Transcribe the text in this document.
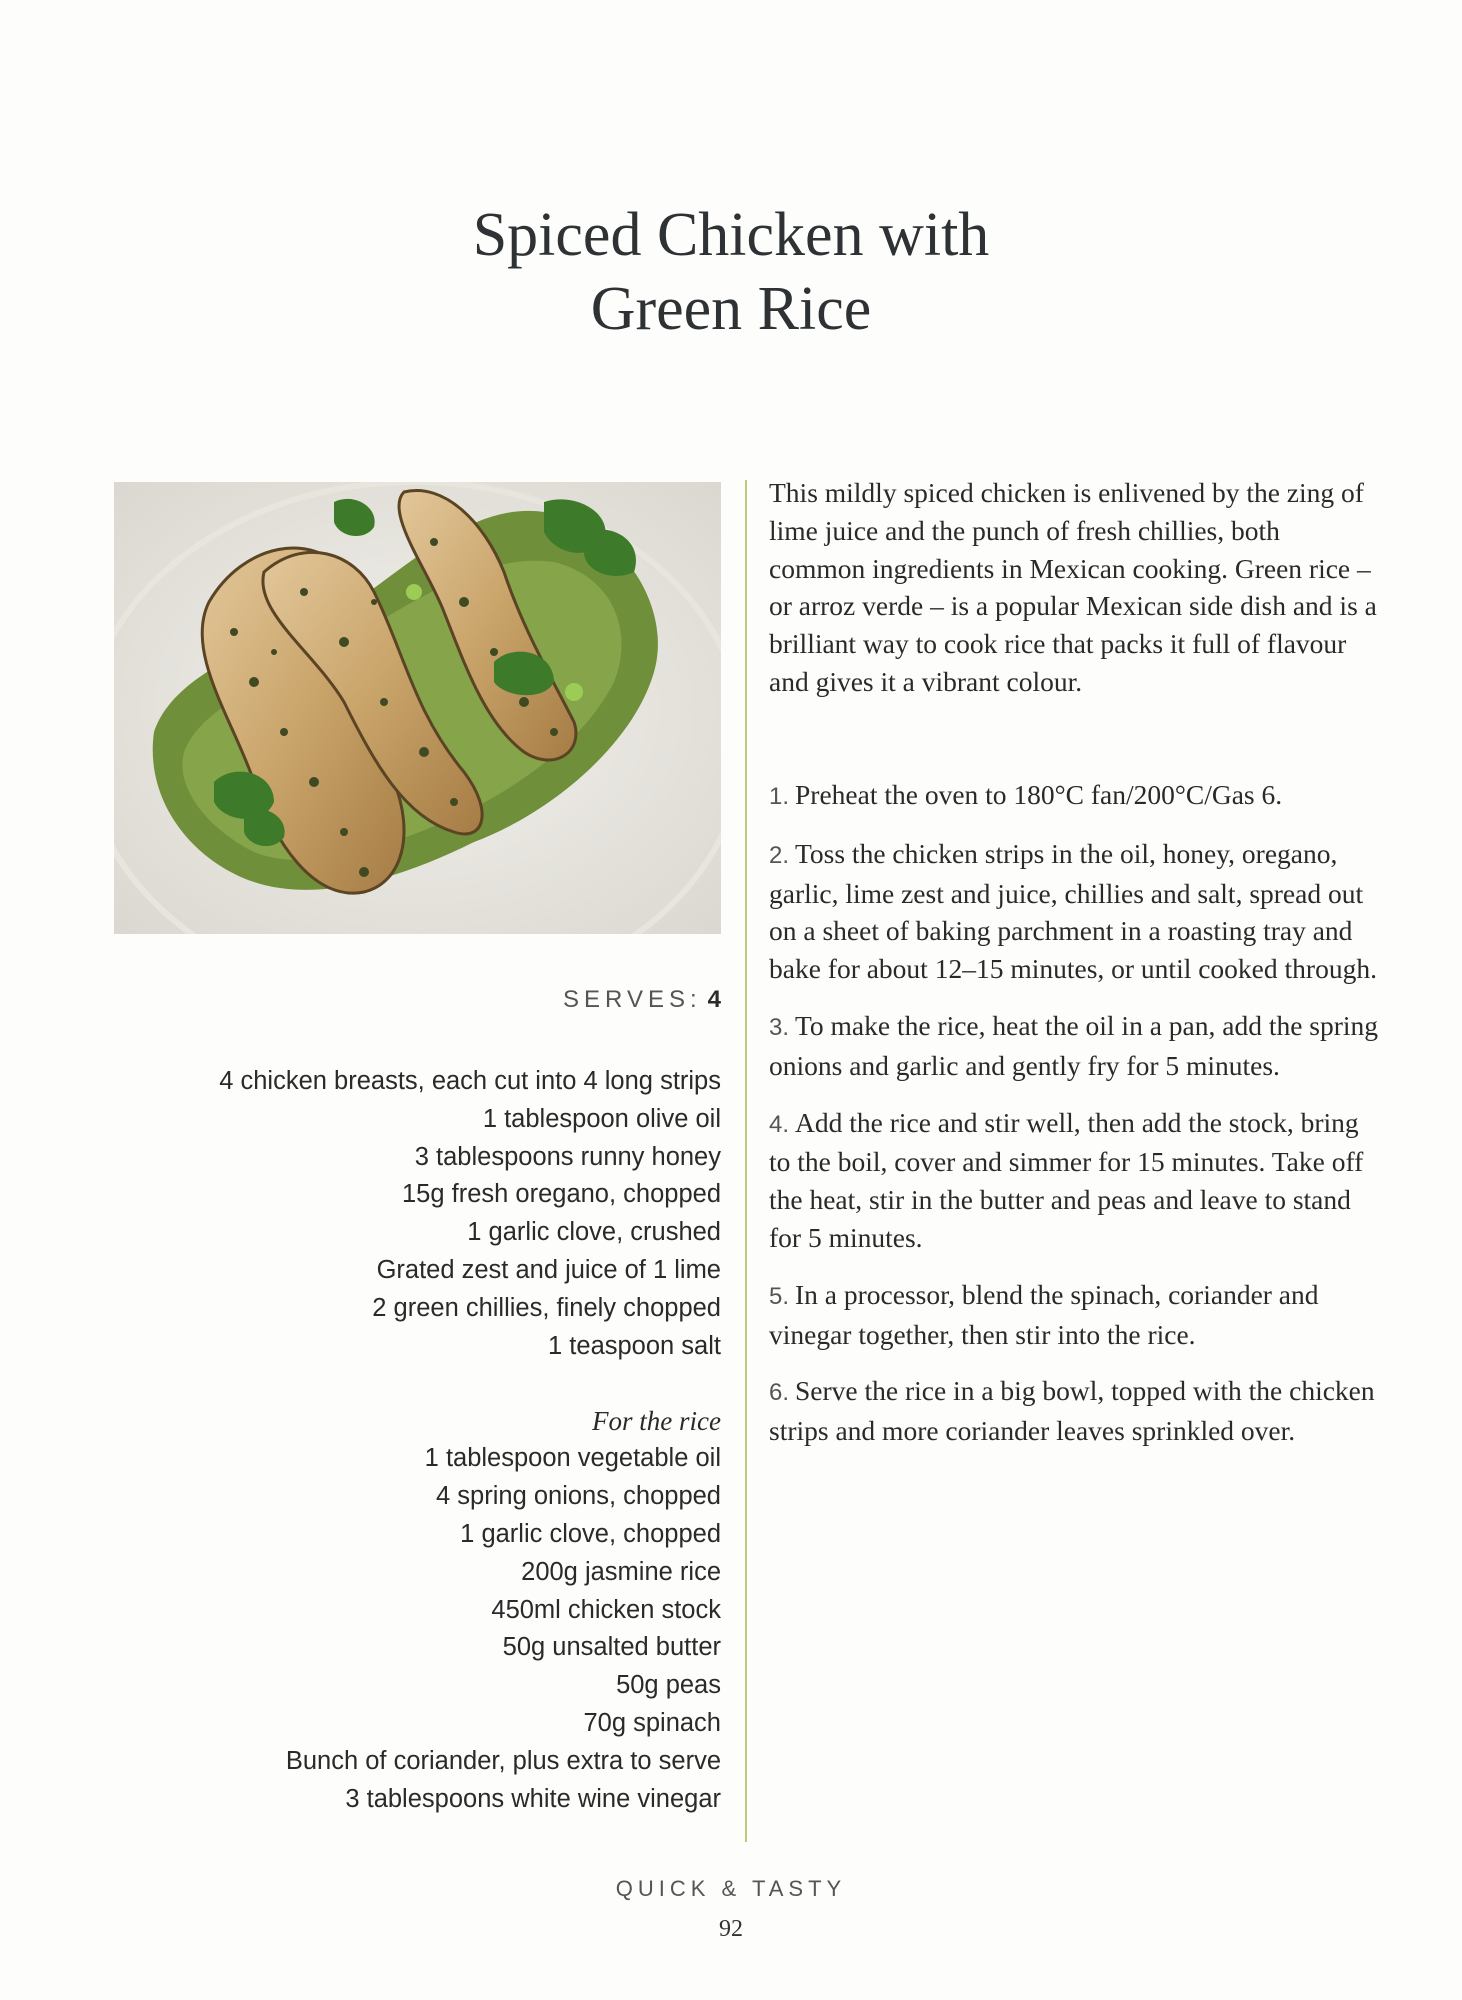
Spiced Chicken with
Green Rice
SERVES: 4
4 chicken breasts, each cut into 4 long strips
1 tablespoon olive oil
3 tablespoons runny honey
15g fresh oregano, chopped
1 garlic clove, crushed
Grated zest and juice of 1 lime
2 green chillies, finely chopped
1 teaspoon salt
For the rice
1 tablespoon vegetable oil
4 spring onions, chopped
1 garlic clove, chopped
200g jasmine rice
450ml chicken stock
50g unsalted butter
50g peas
70g spinach
Bunch of coriander, plus extra to serve
3 tablespoons white wine vinegar

This mildly spiced chicken is enlivened by the zing of lime juice and the punch of fresh chillies, both common ingredients in Mexican cooking. Green rice – or arroz verde – is a popular Mexican side dish and is a brilliant way to cook rice that packs it full of flavour and gives it a vibrant colour.

1. Preheat the oven to 180°C fan/200°C/Gas 6.

2. Toss the chicken strips in the oil, honey, oregano, garlic, lime zest and juice, chillies and salt, spread out on a sheet of baking parchment in a roasting tray and bake for about 12–15 minutes, or until cooked through.

3. To make the rice, heat the oil in a pan, add the spring onions and garlic and gently fry for 5 minutes.

4. Add the rice and stir well, then add the stock, bring to the boil, cover and simmer for 15 minutes. Take off the heat, stir in the butter and peas and leave to stand for 5 minutes.

5. In a processor, blend the spinach, coriander and vinegar together, then stir into the rice.

6. Serve the rice in a big bowl, topped with the chicken strips and more coriander leaves sprinkled over.

QUICK & TASTY
92
